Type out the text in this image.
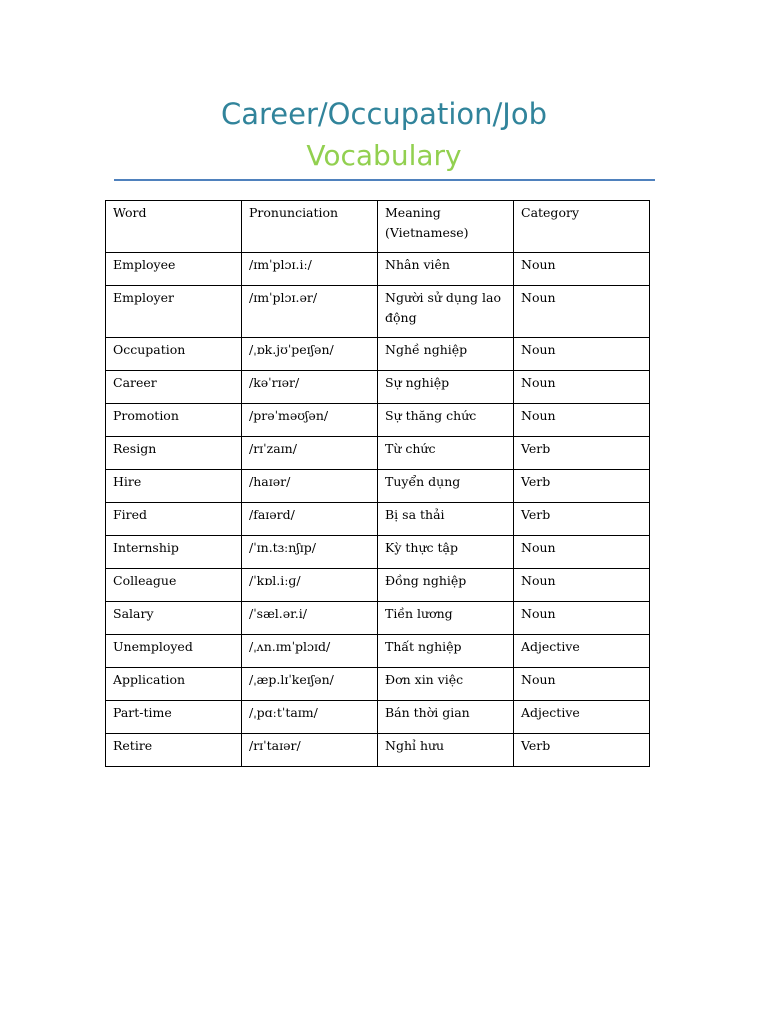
Career/Occupation/Job
Vocabulary
Word	Pronunciation	Meaning (Vietnamese)	Category
Employee	/ɪmˈplɔɪ.iː/	Nhân viên	Noun
Employer	/ɪmˈplɔɪ.ər/	Người sử dụng lao động	Noun
Occupation	/ˌɒk.jʊˈpeɪʃən/	Nghề nghiệp	Noun
Career	/kəˈrɪər/	Sự nghiệp	Noun
Promotion	/prəˈməʊʃən/	Sự thăng chức	Noun
Resign	/rɪˈzaɪn/	Từ chức	Verb
Hire	/haɪər/	Tuyển dụng	Verb
Fired	/faɪərd/	Bị sa thải	Verb
Internship	/ˈɪn.tɜːnʃɪp/	Kỳ thực tập	Noun
Colleague	/ˈkɒl.iːɡ/	Đồng nghiệp	Noun
Salary	/ˈsæl.ər.i/	Tiền lương	Noun
Unemployed	/ˌʌn.ɪmˈplɔɪd/	Thất nghiệp	Adjective
Application	/ˌæp.lɪˈkeɪʃən/	Đơn xin việc	Noun
Part-time	/ˌpɑːtˈtaɪm/	Bán thời gian	Adjective
Retire	/rɪˈtaɪər/	Nghỉ hưu	Verb
